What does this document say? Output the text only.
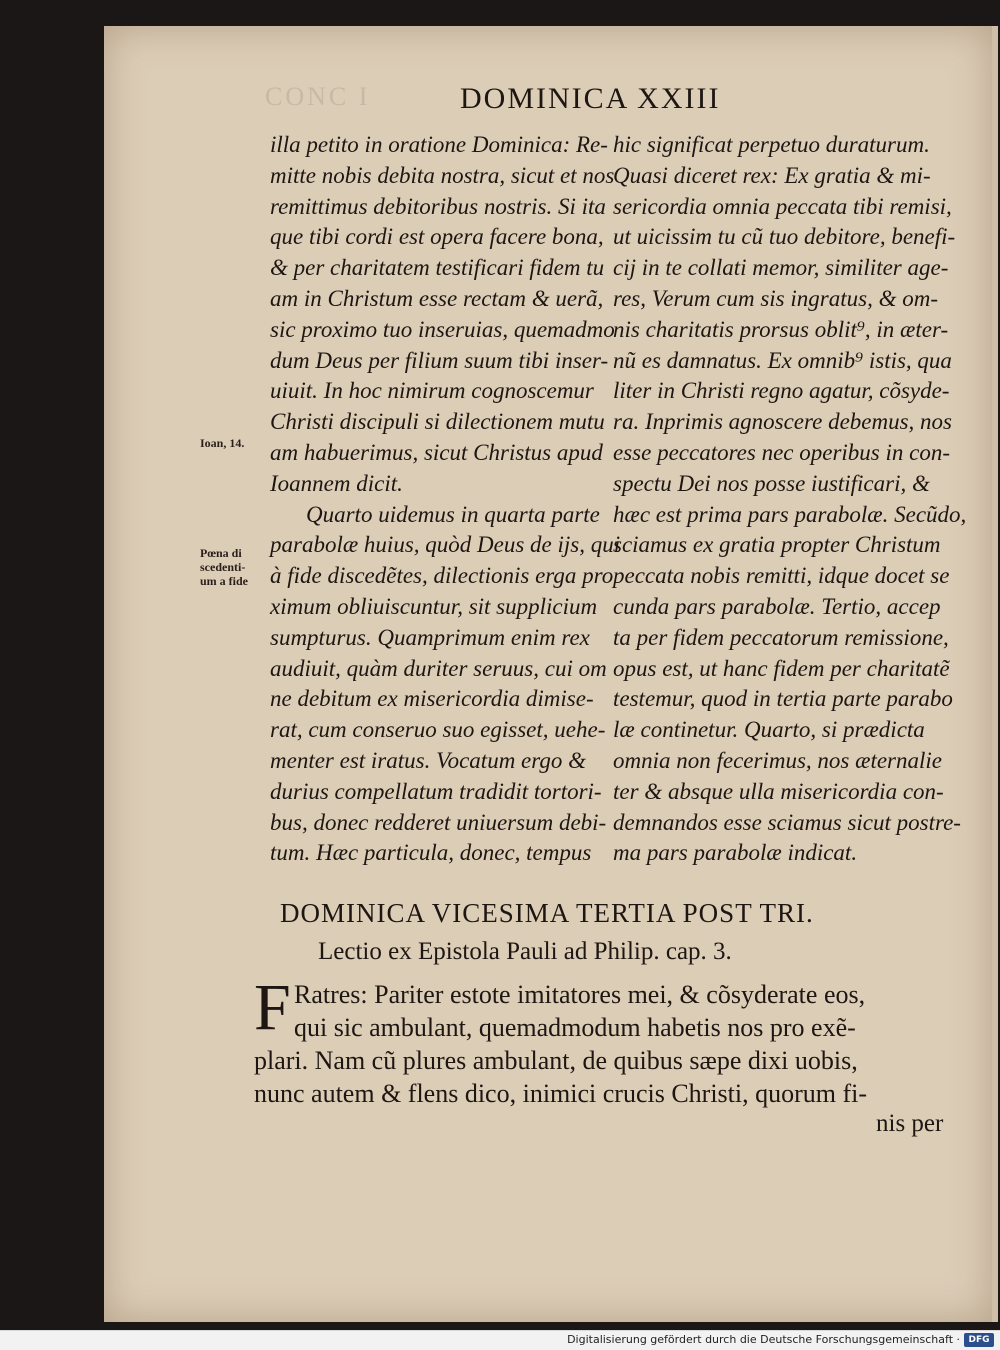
CONC I	DOMINICA XXIII
illa petito in oratione Dominica: Re-
mitte nobis debita nostra, sicut et nos
remittimus debitoribus nostris. Si ita
que tibi cordi est opera facere bona,
& per charitatem testificari fidem tu
am in Christum esse rectam & uerã,
sic proximo tuo inseruias, quemadmo
dum Deus per filium suum tibi inser-
uiuit. In hoc nimirum cognoscemur
Christi discipuli si dilectionem mutu
am habuerimus, sicut Christus apud
Ioannem dicit.
Quarto uidemus in quarta parte
parabolæ huius, quòd Deus de ijs, qui
à fide discedẽtes, dilectionis erga pro
ximum obliuiscuntur, sit supplicium
sumpturus. Quamprimum enim rex
audiuit, quàm duriter seruus, cui om
ne debitum ex misericordia dimise-
rat, cum conseruo suo egisset, uehe-
menter est iratus. Vocatum ergo &
durius compellatum tradidit tortori-
bus, donec redderet uniuersum debi-
tum. Hæc particula, donec, tempus
hic significat perpetuo duraturum.
Quasi diceret rex: Ex gratia & mi-
sericordia omnia peccata tibi remisi,
ut uicissim tu cũ tuo debitore, benefi-
cij in te collati memor, similiter age-
res, Verum cum sis ingratus, & om-
nis charitatis prorsus oblit⁹, in æter-
nũ es damnatus. Ex omnib⁹ istis, qua
liter in Christi regno agatur, cõsyde-
ra. Inprimis agnoscere debemus, nos
esse peccatores nec operibus in con-
spectu Dei nos posse iustificari, &
hæc est prima pars parabolæ. Secũdo,
sciamus ex gratia propter Christum
peccata nobis remitti, idque docet se
cunda pars parabolæ. Tertio, accep
ta per fidem peccatorum remissione,
opus est, ut hanc fidem per charitatẽ
testemur, quod in tertia parte parabo
læ continetur. Quarto, si prædicta
omnia non fecerimus, nos æternalie
ter & absque ulla misericordia con-
demnandos esse sciamus sicut postre-
ma pars parabolæ indicat.
Ioan, 14.
Pœna di
scedenti-
um a fide
DOMINICA VICESIMA TERTIA POST TRI.
Lectio ex Epistola Pauli ad Philip. cap. 3.
F Ratres: Pariter estote imitatores mei, & cõsyderate eos,
qui sic ambulant, quemadmodum habetis nos pro exẽ-
plari. Nam cũ plures ambulant, de quibus sæpe dixi uobis,
nunc autem & flens dico, inimici crucis Christi, quorum fi-
nis per
Digitalisierung gefördert durch die Deutsche Forschungsgemeinschaft · DFG
